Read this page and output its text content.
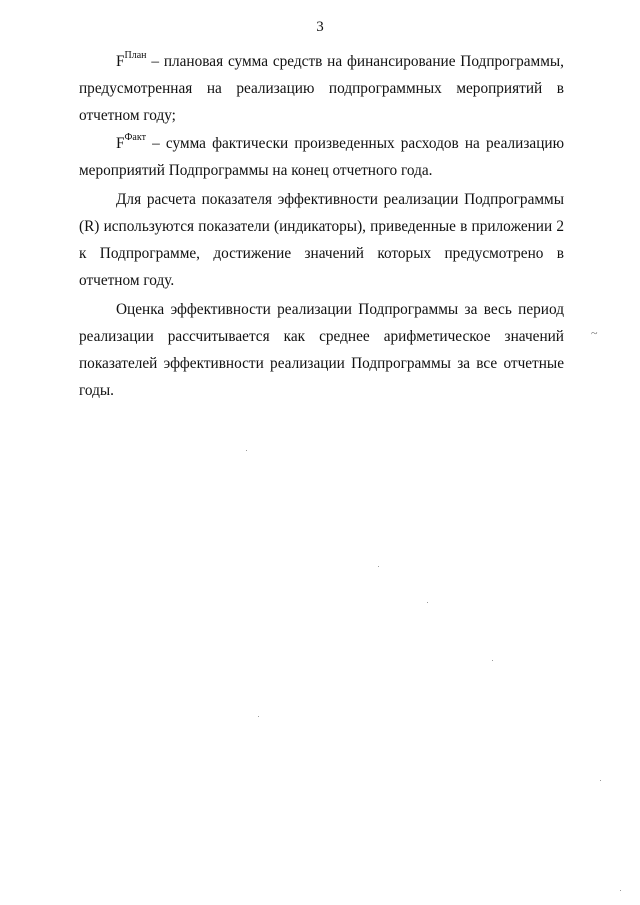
3

$F^{План}$ – плановая сумма средств на финансирование Подпрограммы, предусмотренная на реализацию подпрограммных мероприятий в отчетном году;

$F^{Факт}$ – сумма фактически произведенных расходов на реализацию мероприятий Подпрограммы на конец отчетного года.

Для расчета показателя эффективности реализации Подпрограммы (R) используются показатели (индикаторы), приведенные в приложении 2 к Подпрограмме, достижение значений которых предусмотрено в отчетном году.

Оценка эффективности реализации Подпрограммы за весь период реализации рассчитывается как среднее арифметическое значений показателей эффективности реализации Подпрограммы за все отчетные годы.

~
